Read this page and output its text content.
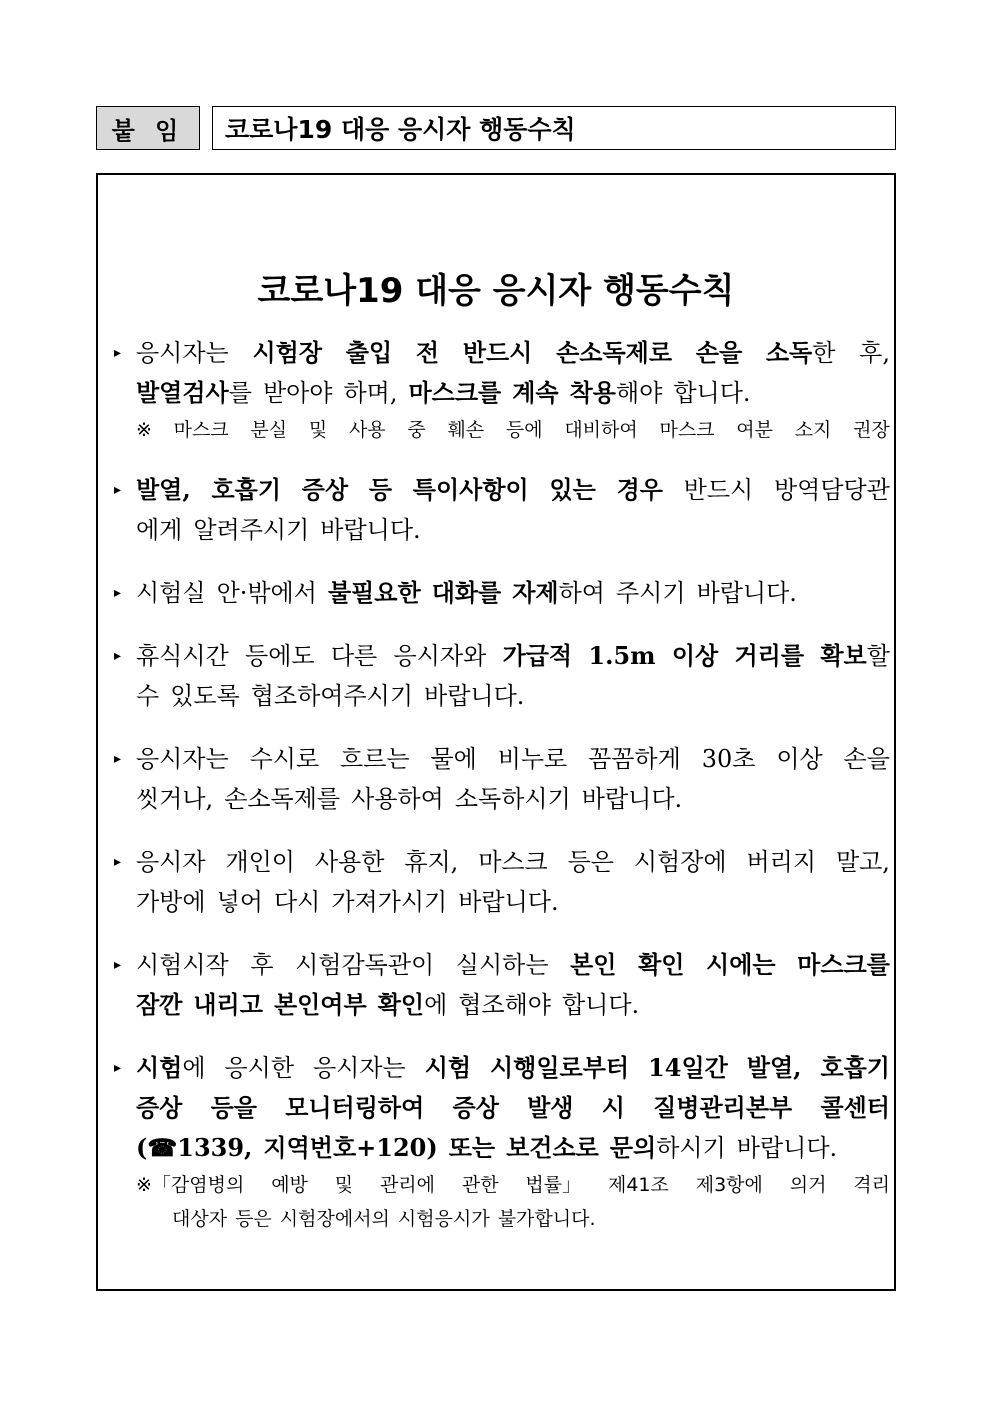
붙 임	코로나19 대응 응시자 행동수칙
코로나19 대응 응시자 행동수칙
▸ 응시자는 시험장 출입 전 반드시 손소독제로 손을 소독한 후,
발열검사를 받아야 하며, 마스크를 계속 착용해야 합니다.
※ 마스크 분실 및 사용 중 훼손 등에 대비하여 마스크 여분 소지 권장
▸ 발열, 호흡기 증상 등 특이사항이 있는 경우 반드시 방역담당관
에게 알려주시기 바랍니다.
▸ 시험실 안·밖에서 불필요한 대화를 자제하여 주시기 바랍니다.
▸ 휴식시간 등에도 다른 응시자와 가급적 1.5m 이상 거리를 확보할
수 있도록 협조하여주시기 바랍니다.
▸ 응시자는 수시로 흐르는 물에 비누로 꼼꼼하게 30초 이상 손을
씻거나, 손소독제를 사용하여 소독하시기 바랍니다.
▸ 응시자 개인이 사용한 휴지, 마스크 등은 시험장에 버리지 말고,
가방에 넣어 다시 가져가시기 바랍니다.
▸ 시험시작 후 시험감독관이 실시하는 본인 확인 시에는 마스크를
잠깐 내리고 본인여부 확인에 협조해야 합니다.
▸ 시험에 응시한 응시자는 시험 시행일로부터 14일간 발열, 호흡기
증상 등을 모니터링하여 증상 발생 시 질병관리본부 콜센터
(☎1339, 지역번호+120) 또는 보건소로 문의하시기 바랍니다.
※「감염병의 예방 및 관리에 관한 법률」 제41조 제3항에 의거 격리
대상자 등은 시험장에서의 시험응시가 불가합니다.
